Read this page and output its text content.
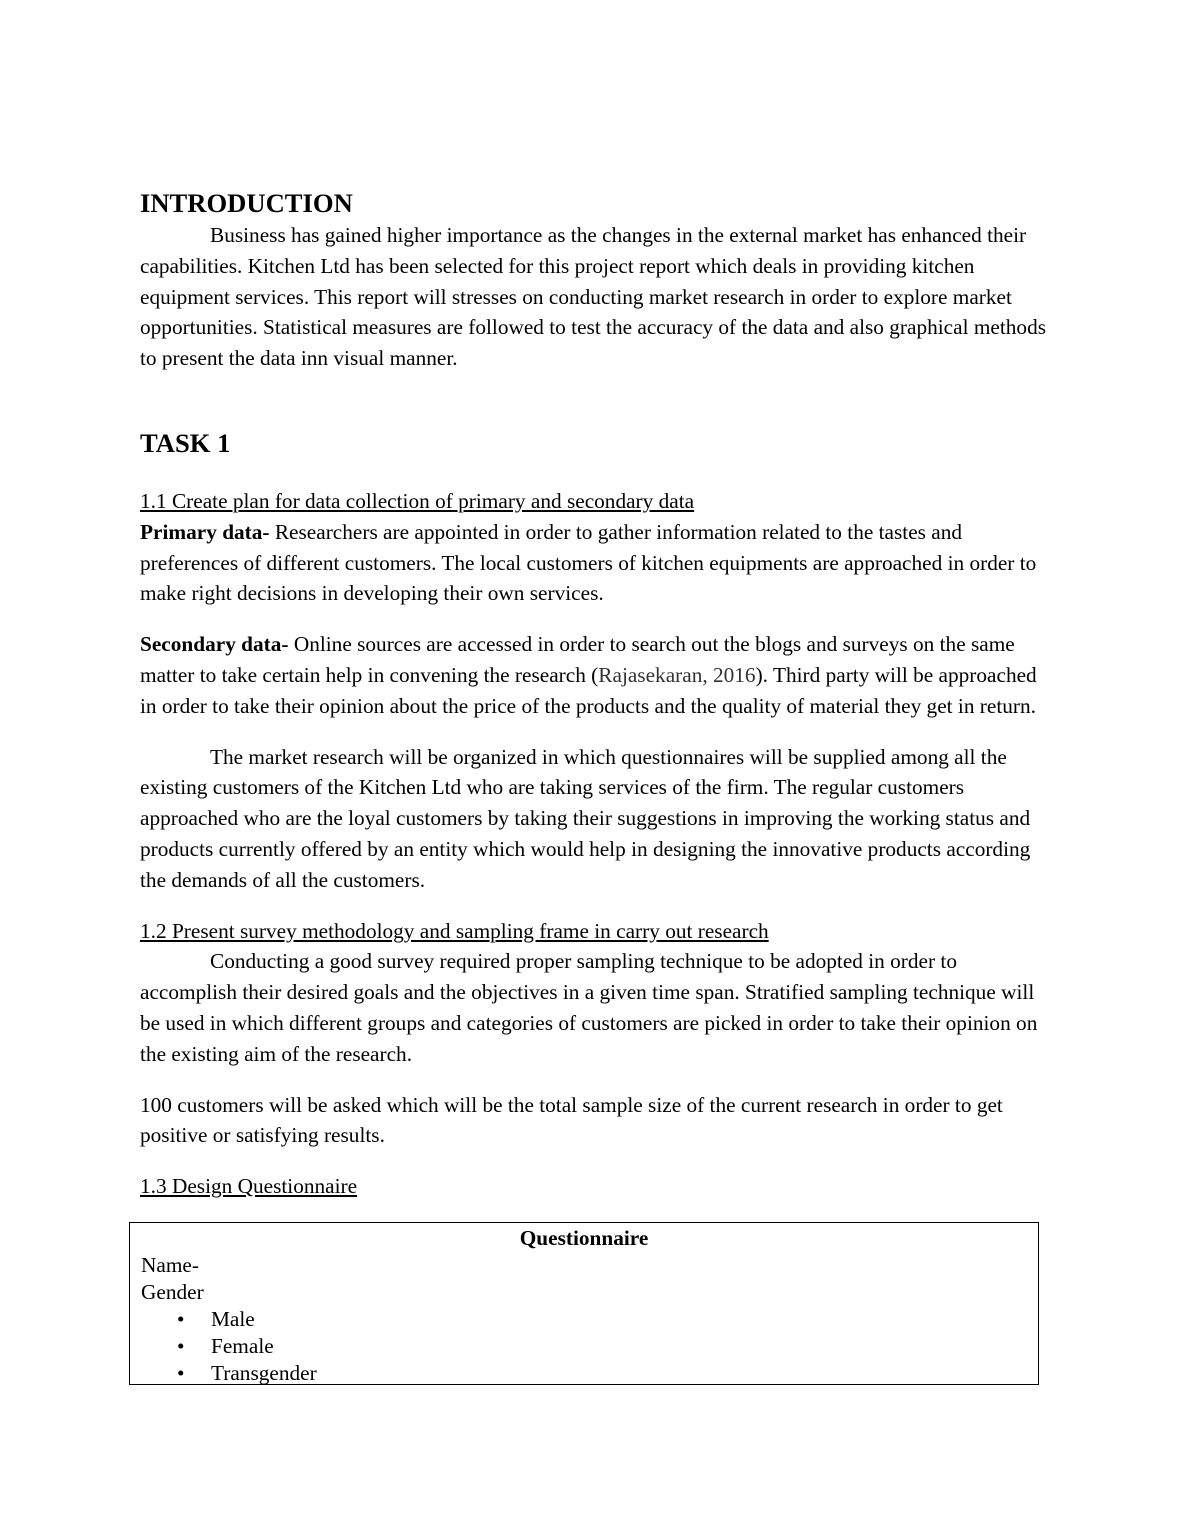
INTRODUCTION

Business has gained higher importance as the changes in the external market has enhanced their capabilities. Kitchen Ltd has been selected for this project report which deals in providing kitchen equipment services. This report will stresses on conducting market research in order to explore market opportunities. Statistical measures are followed to test the accuracy of the data and also graphical methods to present the data inn visual manner.

TASK 1

1.1 Create plan for data collection of primary and secondary data

Primary data- Researchers are appointed in order to gather information related to the tastes and preferences of different customers. The local customers of kitchen equipments are approached in order to make right decisions in developing their own services.

Secondary data- Online sources are accessed in order to search out the blogs and surveys on the same matter to take certain help in convening the research (Rajasekaran, 2016). Third party will be approached in order to take their opinion about the price of the products and the quality of material they get in return.

The market research will be organized in which questionnaires will be supplied among all the existing customers of the Kitchen Ltd who are taking services of the firm. The regular customers approached who are the loyal customers by taking their suggestions in improving the working status and products currently offered by an entity which would help in designing the innovative products according the demands of all the customers.

1.2 Present survey methodology and sampling frame in carry out research

Conducting a good survey required proper sampling technique to be adopted in order to accomplish their desired goals and the objectives in a given time span. Stratified sampling technique will be used in which different groups and categories of customers are picked in order to take their opinion on the existing aim of the research.

100 customers will be asked which will be the total sample size of the current research in order to get positive or satisfying results.

1.3 Design Questionnaire

Questionnaire
Name-
Gender
• Male
• Female
• Transgender
